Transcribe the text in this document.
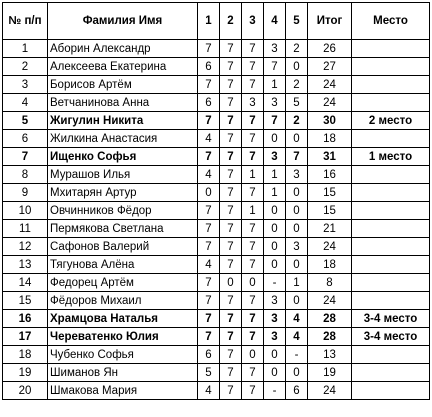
№ п/п	Фамилия Имя	1	2	3	4	5	Итог	Место
1	Аборин Александр	7	7	7	3	2	26	
2	Алексеева Екатерина	6	7	7	7	0	27	
3	Борисов Артём	7	7	7	1	2	24	
4	Ветчанинова Анна	6	7	3	3	5	24	
5	Жигулин Никита	7	7	7	7	2	30	2 место
6	Жилкина Анастасия	4	7	7	0	0	18	
7	Ищенко Софья	7	7	7	3	7	31	1 место
8	Мурашов Илья	4	7	1	1	3	16	
9	Мхитарян Артур	0	7	7	1	0	15	
10	Овчинников Фёдор	7	7	1	0	0	15	
11	Пермякова Светлана	7	7	7	0	0	21	
12	Сафонов Валерий	7	7	7	0	3	24	
13	Тягунова Алёна	4	7	7	0	0	18	
14	Федорец Артём	7	0	0	-	1	8	
15	Фёдоров Михаил	7	7	7	3	0	24	
16	Храмцова Наталья	7	7	7	3	4	28	3-4 место
17	Череватенко Юлия	7	7	7	3	4	28	3-4 место
18	Чубенко Софья	6	7	0	0	-	13	
19	Шиманов Ян	5	7	7	0	0	19	
20	Шмакова Мария	4	7	7	-	6	24	
